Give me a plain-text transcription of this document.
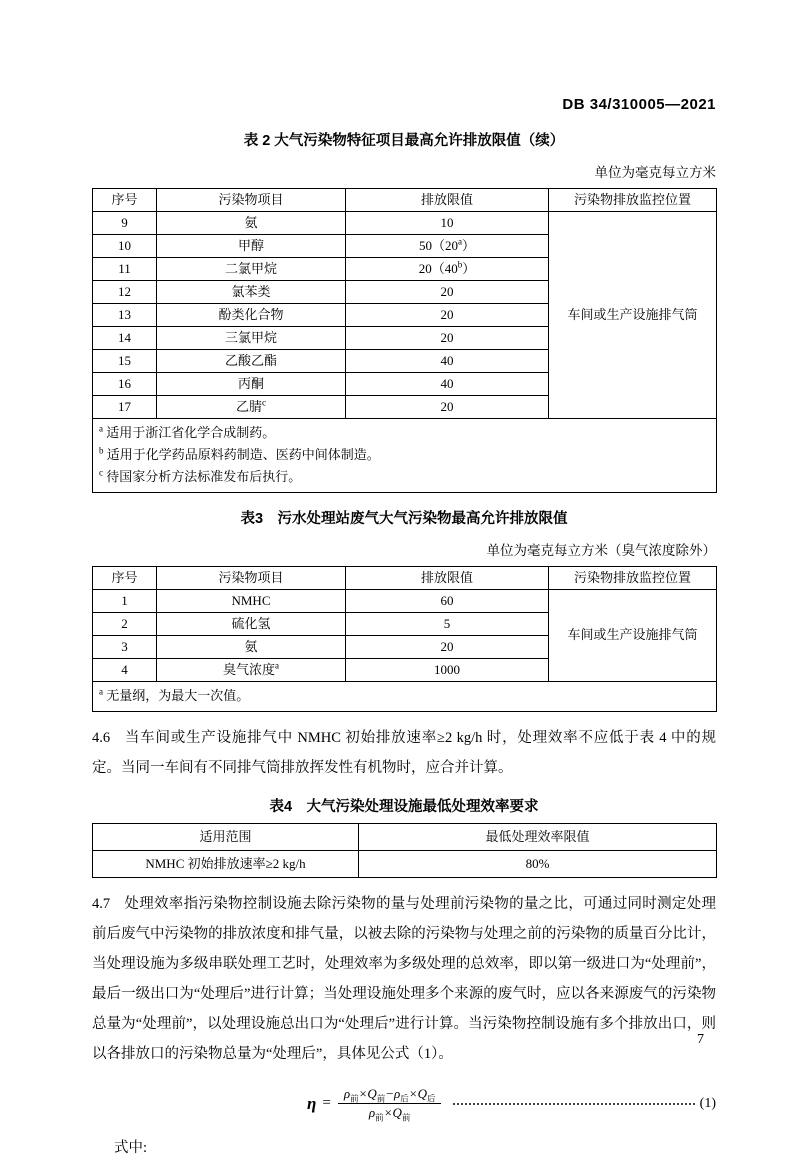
DB 34/310005—2021
表 2 大气污染物特征项目最高允许排放限值（续）
单位为毫克每立方米
序号	污染物项目	排放限值	污染物排放监控位置
9	氨	10	车间或生产设施排气筒
10	甲醇	50（20$^a$）	
11	二氯甲烷	20（40$^b$）	
12	氯苯类	20	
13	酚类化合物	20	
14	三氯甲烷	20	
15	乙酸乙酯	40	
16	丙酮	40	
17	乙腈$^c$	20	

$^a$ 适用于浙江省化学合成制药。
$^b$ 适用于化学药品原料药制造、医药中间体制造。
$^c$ 待国家分析方法标准发布后执行。			
表3　污水处理站废气大气污染物最高允许排放限值
单位为毫克每立方米（臭气浓度除外）
序号	污染物项目	排放限值	污染物排放监控位置
1	NMHC	60	车间或生产设施排气筒
2	硫化氢	5	
3	氨	20	
4	臭气浓度$^a$	1000	

$^a$ 无量纲，为最大一次值。			

4.6 当车间或生产设施排气中 NMHC 初始排放速率≥2 kg/h 时，处理效率不应低于表 4 中的规定。当同一车间有不同排气筒排放挥发性有机物时，应合并计算。

表4　大气污染处理设施最低处理效率要求
适用范围	最低处理效率限值
NMHC 初始排放速率≥2 kg/h	80%

4.7 处理效率指污染物控制设施去除污染物的量与处理前污染物的量之比，可通过同时测定处理前后废气中污染物的排放浓度和排气量，以被去除的污染物与处理之前的污染物的质量百分比计，当处理设施为多级串联处理工艺时，处理效率为多级处理的总效率，即以第一级进口为“处理前”，最后一级出口为“处理后”进行计算；当处理设施处理多个来源的废气时，应以各来源废气的污染物总量为“处理前”，以处理设施总出口为“处理后”进行计算。当污染物控制设施有多个排放出口，则以各排放口的污染物总量为“处理后”，具体见公式（1）。

$\eta = \frac{\rho_前\times Q_前-\rho_后\times Q_后}{\rho_前\times Q_前}$	(1)
式中:
7
